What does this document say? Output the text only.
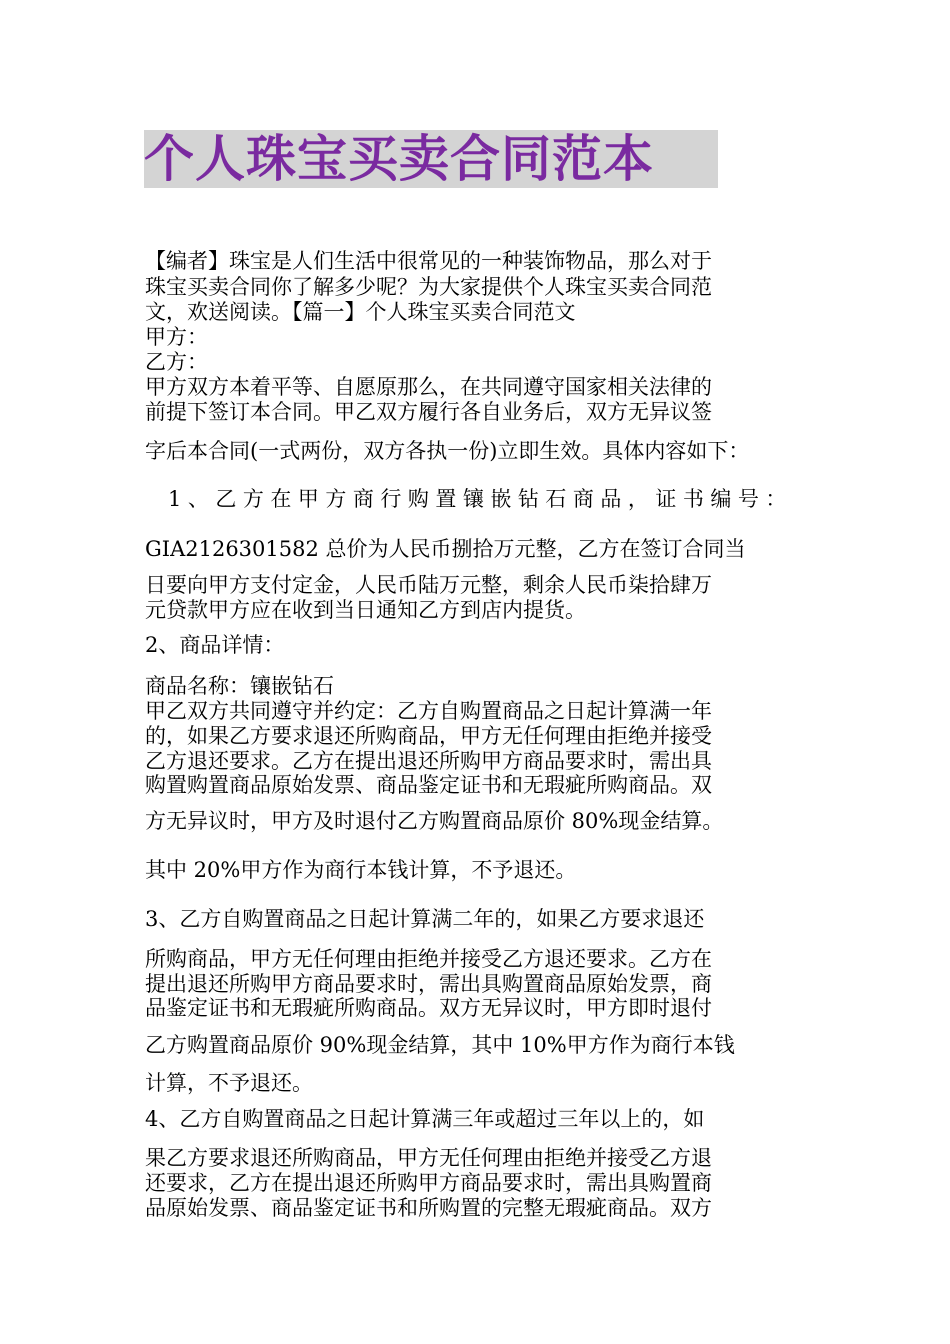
个人珠宝买卖合同范本
【编者】珠宝是人们生活中很常见的一种装饰物品，那么对于
珠宝买卖合同你了解多少呢？为大家提供个人珠宝买卖合同范
文，欢送阅读。【篇一】个人珠宝买卖合同范文
甲方：
乙方：
甲方双方本着平等、自愿原那么，在共同遵守国家相关法律的
前提下签订本合同。甲乙双方履行各自业务后，双方无异议签
字后本合同(一式两份，双方各执一份)立即生效。具体内容如下：
1、乙方在甲方商行购置镶嵌钻石商品，证书编号：
GIA2126301582 总价为人民币捌拾万元整，乙方在签订合同当
日要向甲方支付定金，人民币陆万元整，剩余人民币柒拾肆万
元贷款甲方应在收到当日通知乙方到店内提货。
2、商品详情：
商品名称：镶嵌钻石
甲乙双方共同遵守并约定：乙方自购置商品之日起计算满一年
的，如果乙方要求退还所购商品，甲方无任何理由拒绝并接受
乙方退还要求。乙方在提出退还所购甲方商品要求时，需出具
购置购置商品原始发票、商品鉴定证书和无瑕疵所购商品。双
方无异议时，甲方及时退付乙方购置商品原价 80%现金结算。
其中 20%甲方作为商行本钱计算，不予退还。
3、乙方自购置商品之日起计算满二年的，如果乙方要求退还
所购商品，甲方无任何理由拒绝并接受乙方退还要求。乙方在
提出退还所购甲方商品要求时，需出具购置商品原始发票，商
品鉴定证书和无瑕疵所购商品。双方无异议时，甲方即时退付
乙方购置商品原价 90%现金结算，其中 10%甲方作为商行本钱
计算，不予退还。
4、乙方自购置商品之日起计算满三年或超过三年以上的，如
果乙方要求退还所购商品，甲方无任何理由拒绝并接受乙方退
还要求，乙方在提出退还所购甲方商品要求时，需出具购置商
品原始发票、商品鉴定证书和所购置的完整无瑕疵商品。双方
